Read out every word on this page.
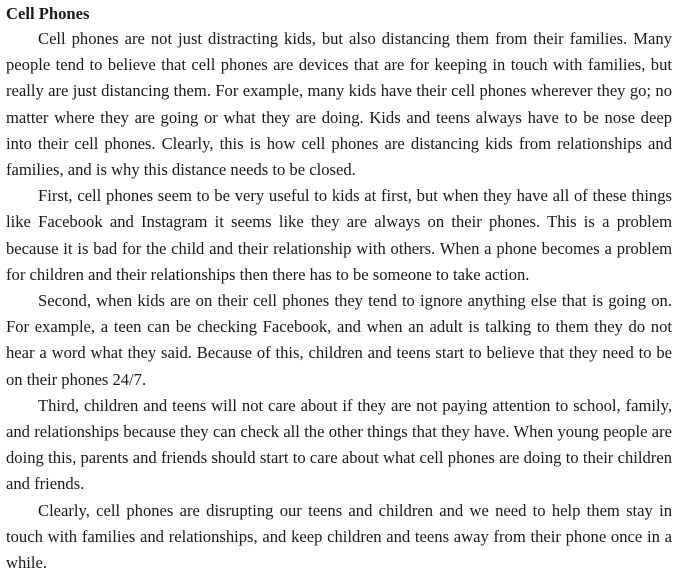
Cell Phones

Cell phones are not just distracting kids, but also distancing them from their families. Many people tend to believe that cell phones are devices that are for keeping in touch with families, but really are just distancing them. For example, many kids have their cell phones wherever they go; no matter where they are going or what they are doing. Kids and teens always have to be nose deep into their cell phones. Clearly, this is how cell phones are distancing kids from relationships and families, and is why this distance needs to be closed.

First, cell phones seem to be very useful to kids at first, but when they have all of these things like Facebook and Instagram it seems like they are always on their phones. This is a problem because it is bad for the child and their relationship with others. When a phone becomes a problem for children and their relationships then there has to be someone to take action.

Second, when kids are on their cell phones they tend to ignore anything else that is going on. For example, a teen can be checking Facebook, and when an adult is talking to them they do not hear a word what they said. Because of this, children and teens start to believe that they need to be on their phones 24/7.

Third, children and teens will not care about if they are not paying attention to school, family, and relationships because they can check all the other things that they have. When young people are doing this, parents and friends should start to care about what cell phones are doing to their children and friends.

Clearly, cell phones are disrupting our teens and children and we need to help them stay in touch with families and relationships, and keep children and teens away from their phone once in a while.
